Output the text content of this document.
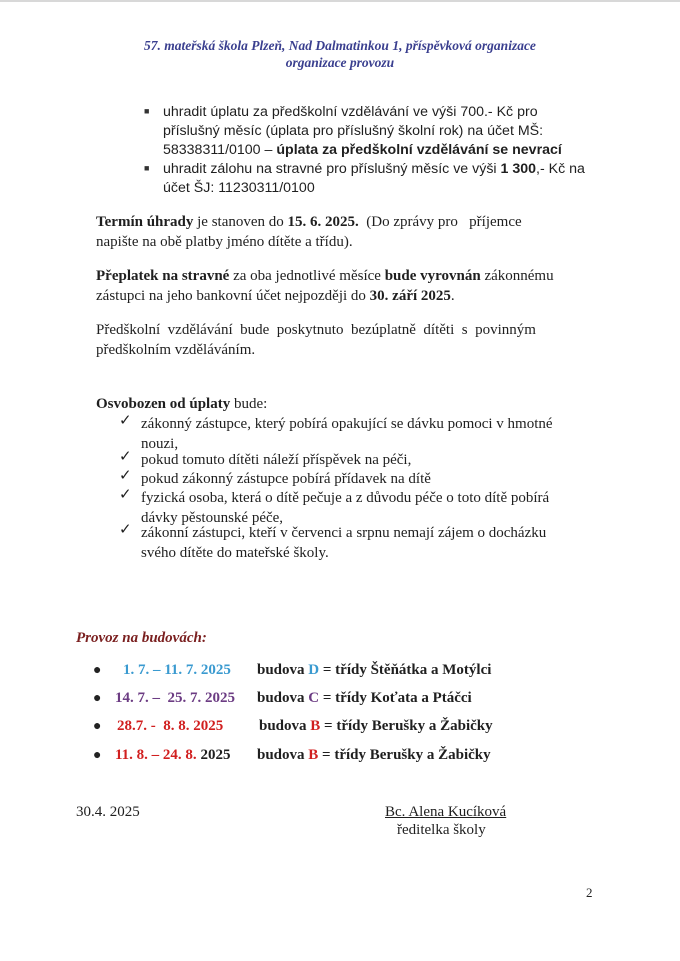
57. mateřská škola Plzeň, Nad Dalmatinkou 1, příspěvková organizace
organizace provozu
■ uhradit úplatu za předškolní vzdělávání ve výši 700.- Kč pro
příslušný měsíc (úplata pro příslušný školní rok) na účet MŠ:
58338311/0100 – úplata za předškolní vzdělávání se nevrací
■ uhradit zálohu na stravné pro příslušný měsíc ve výši 1 300,- Kč na
účet ŠJ: 11230311/0100
Termín úhrady je stanoven do 15. 6. 2025.  (Do zprávy pro   příjemce
napište na obě platby jméno dítěte a třídu).
Přeplatek na stravné za oba jednotlivé měsíce bude vyrovnán zákonnému
zástupci na jeho bankovní účet nejpozději do 30. září 2025.
Předškolní  vzdělávání  bude  poskytnuto  bezúplatně  dítěti  s  povinným
předškolním vzděláváním.
Osvobozen od úplaty bude:
✓ zákonný zástupce, který pobírá opakující se dávku pomoci v hmotné
nouzi,
✓ pokud tomuto dítěti náleží příspěvek na péči,
✓ pokud zákonný zástupce pobírá přídavek na dítě
✓ fyzická osoba, která o dítě pečuje a z důvodu péče o toto dítě pobírá
dávky pěstounské péče,
✓ zákonní zástupci, kteří v červenci a srpnu nemají zájem o docházku
svého dítěte do mateřské školy.
Provoz na budovách:
● 1. 7. – 11. 7. 2025 budova D = třídy Štěňátka a Motýlci
● 14. 7. –  25. 7. 2025 budova C = třídy Koťata a Ptáčci
● 28.7. -  8. 8. 2025 budova B = třídy Berušky a Žabičky
● 11. 8. – 24. 8. 2025 budova B = třídy Berušky a Žabičky
30.4. 2025	Bc. Alena Kucíková
ředitelka školy
2
